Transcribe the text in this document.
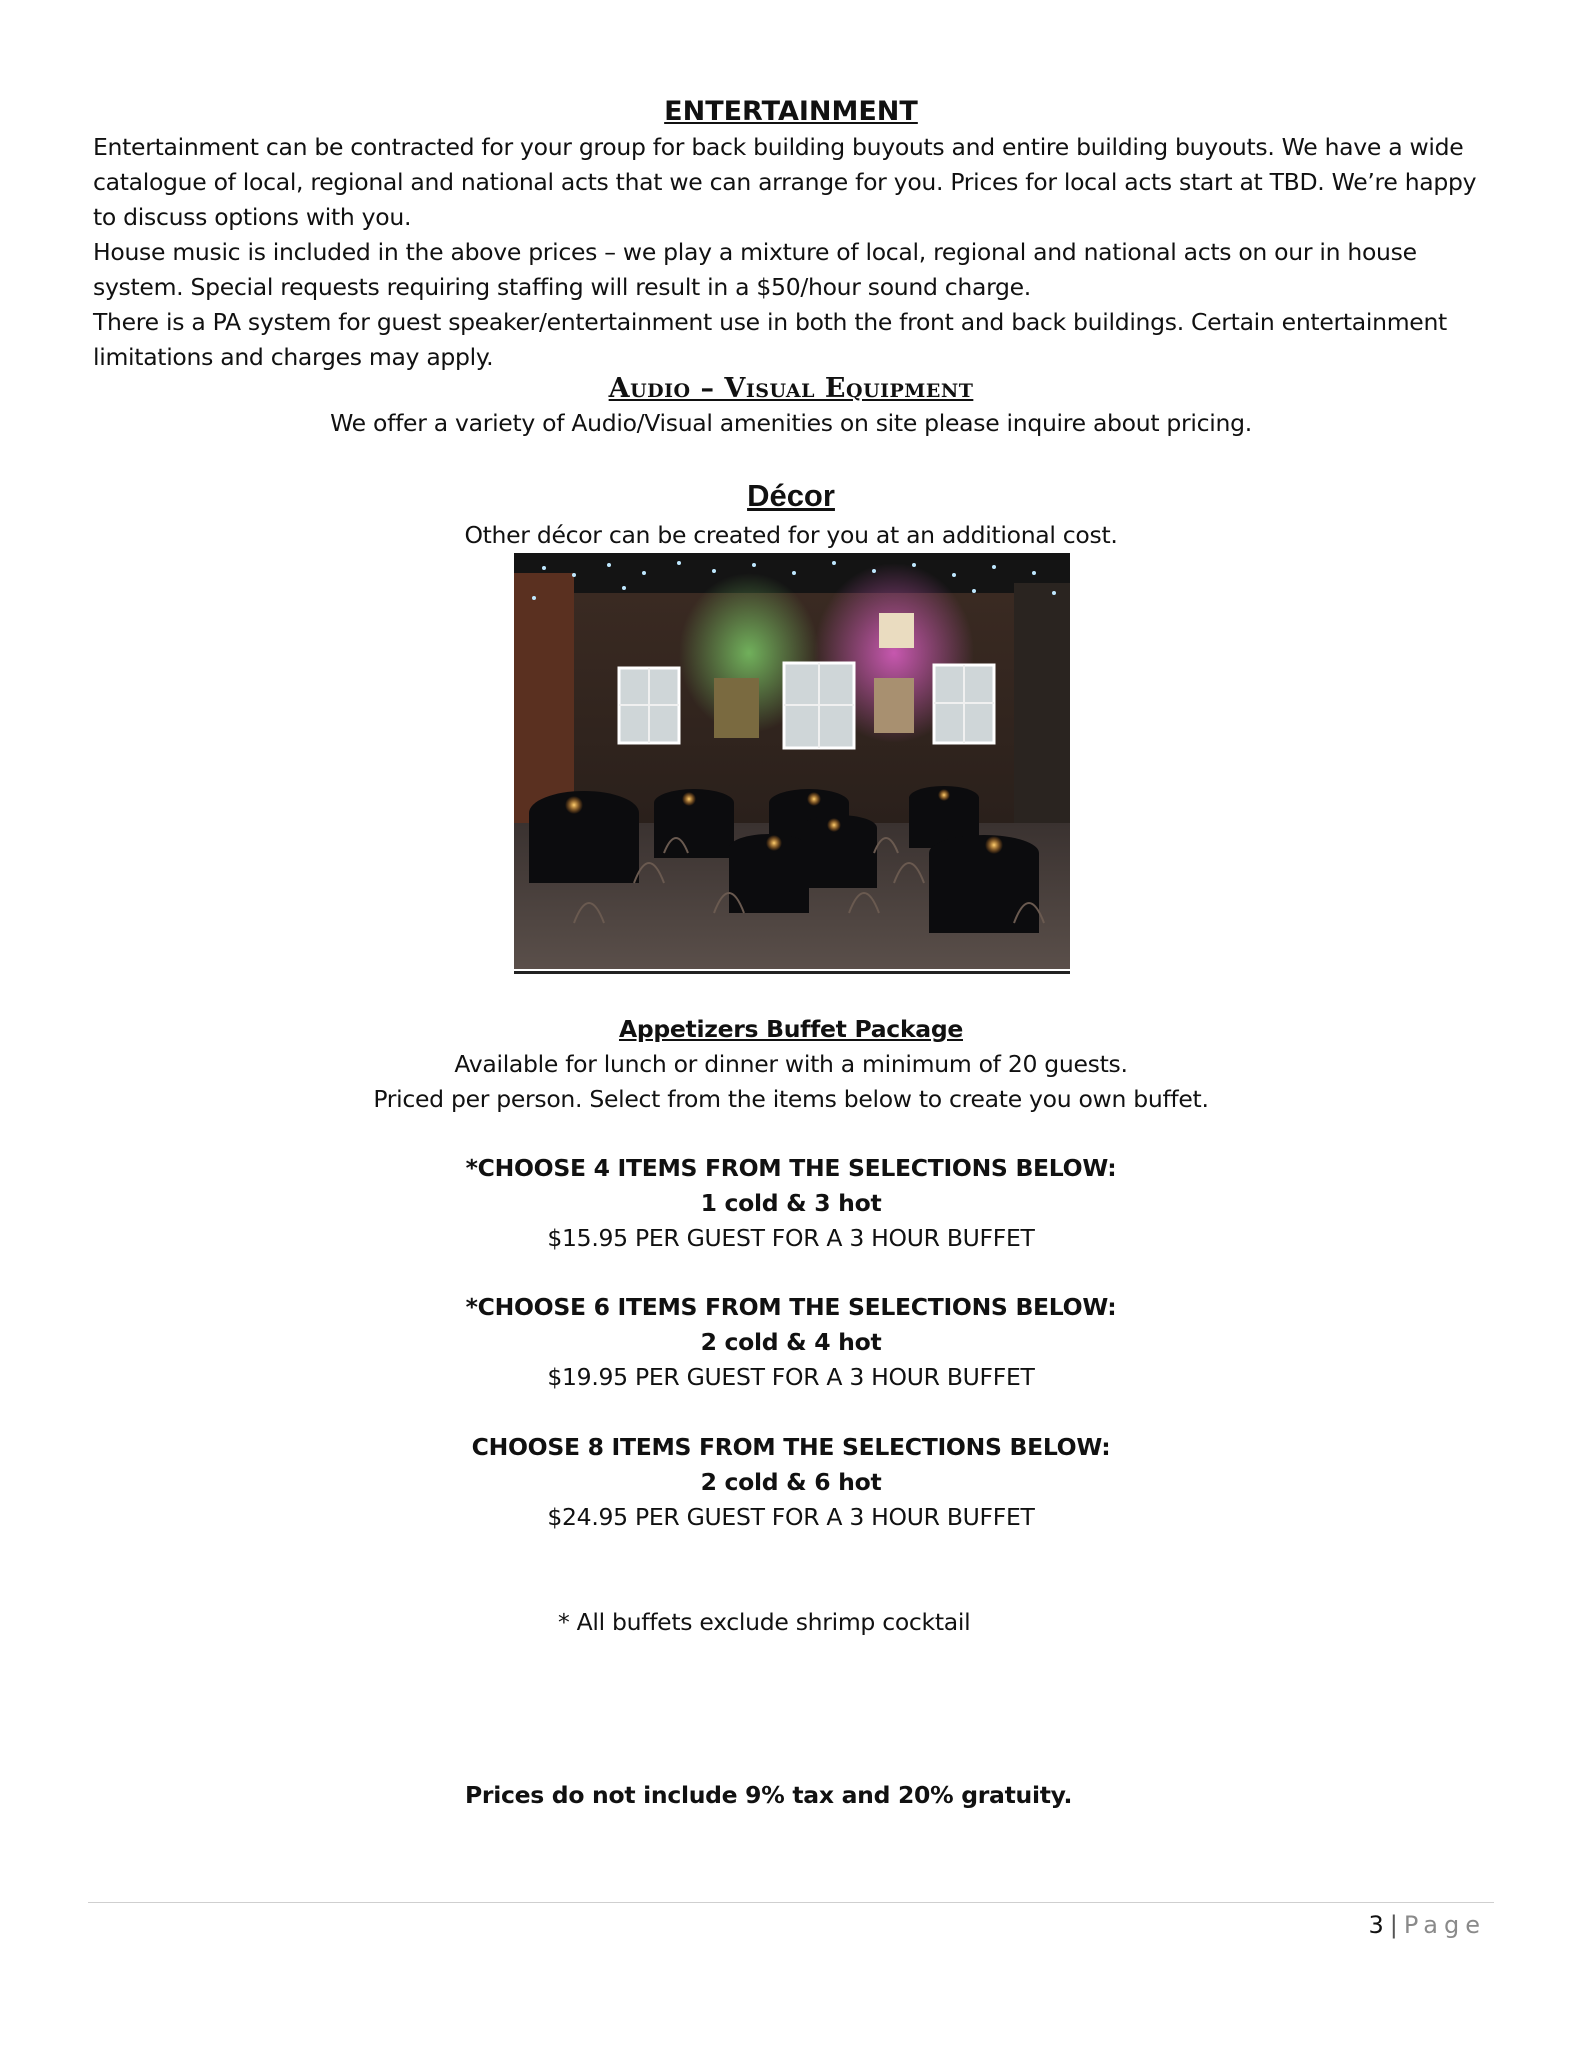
ENTERTAINMENT
Entertainment can be contracted for your group for back building buyouts and entire building buyouts. We have a wide
catalogue of local, regional and national acts that we can arrange for you. Prices for local acts start at TBD. We’re happy
to discuss options with you.
House music is included in the above prices – we play a mixture of local, regional and national acts on our in house
system. Special requests requiring staffing will result in a $50/hour sound charge.
There is a PA system for guest speaker/entertainment use in both the front and back buildings. Certain entertainment
limitations and charges may apply.
Audio – Visual Equipment
We offer a variety of Audio/Visual amenities on site please inquire about pricing.
Décor
Other décor can be created for you at an additional cost.
Appetizers Buffet Package
Available for lunch or dinner with a minimum of 20 guests.
Priced per person. Select from the items below to create you own buffet.
*CHOOSE 4 ITEMS FROM THE SELECTIONS BELOW:
1 cold & 3 hot
$15.95 PER GUEST FOR A 3 HOUR BUFFET
*CHOOSE 6 ITEMS FROM THE SELECTIONS BELOW:
2 cold & 4 hot
$19.95 PER GUEST FOR A 3 HOUR BUFFET
CHOOSE 8 ITEMS FROM THE SELECTIONS BELOW:
2 cold & 6 hot
$24.95 PER GUEST FOR A 3 HOUR BUFFET
* All buffets exclude shrimp cocktail
Prices do not include 9% tax and 20% gratuity.
3 | Page
